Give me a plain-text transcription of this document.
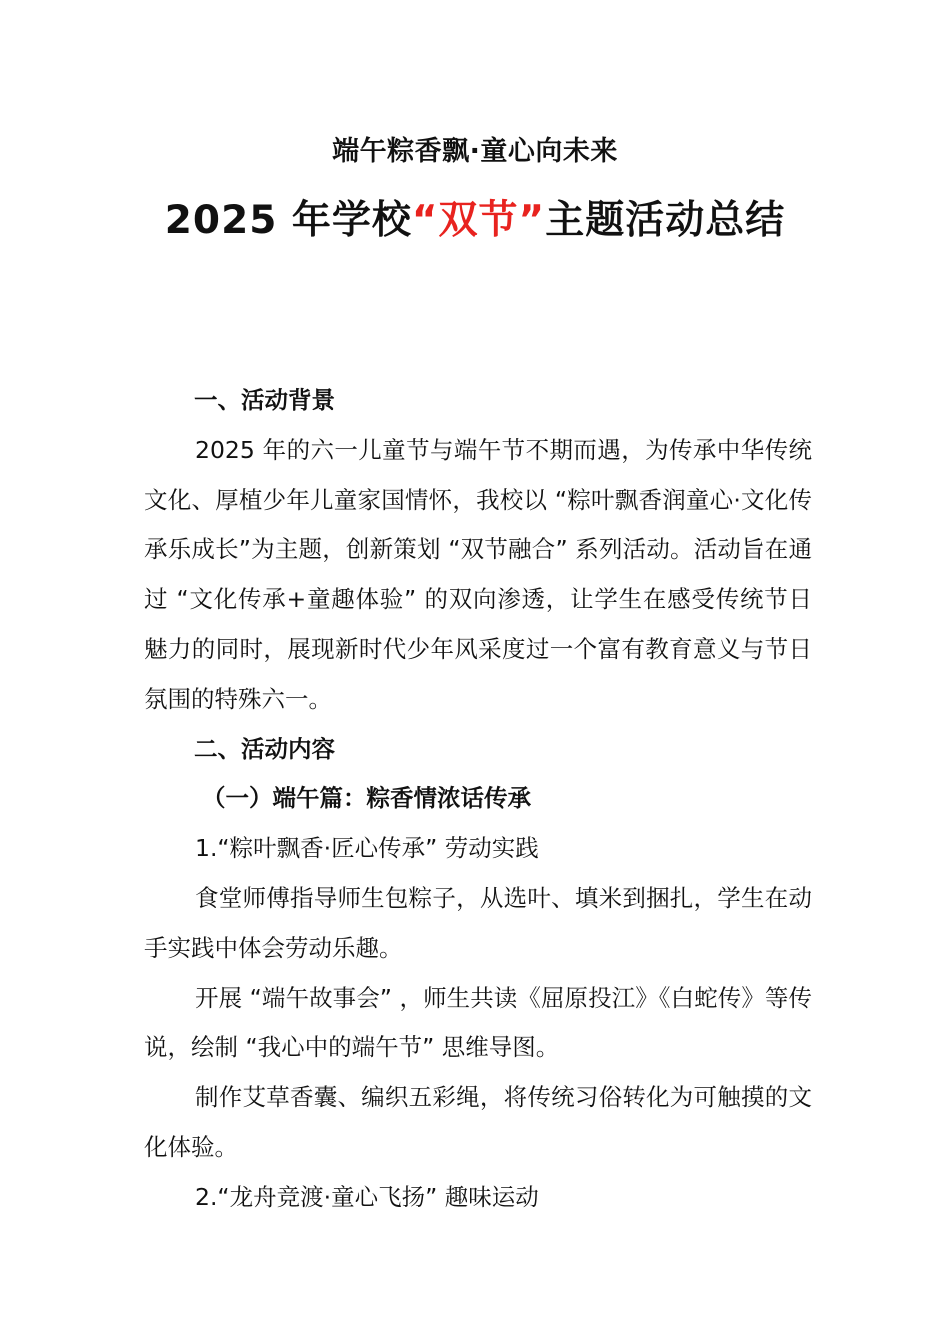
端午粽香飘·童心向未来
2025 年学校“双节”主题活动总结

一、活动背景

2025 年的六一儿童节与端午节不期而遇，为传承中华传统文化、厚植少年儿童家国情怀，我校以 “粽叶飘香润童心·文化传承乐成长”为主题，创新策划 “双节融合” 系列活动。活动旨在通过 “文化传承+童趣体验” 的双向渗透，让学生在感受传统节日魅力的同时，展现新时代少年风采度过一个富有教育意义与节日氛围的特殊六一。

二、活动内容

（一）端午篇：粽香情浓话传承

1.“粽叶飘香·匠心传承” 劳动实践

食堂师傅指导师生包粽子，从选叶、填米到捆扎，学生在动手实践中体会劳动乐趣。

开展 “端午故事会” ，师生共读《屈原投江》《白蛇传》等传说，绘制 “我心中的端午节” 思维导图。

制作艾草香囊、编织五彩绳，将传统习俗转化为可触摸的文化体验。

2.“龙舟竞渡·童心飞扬” 趣味运动
